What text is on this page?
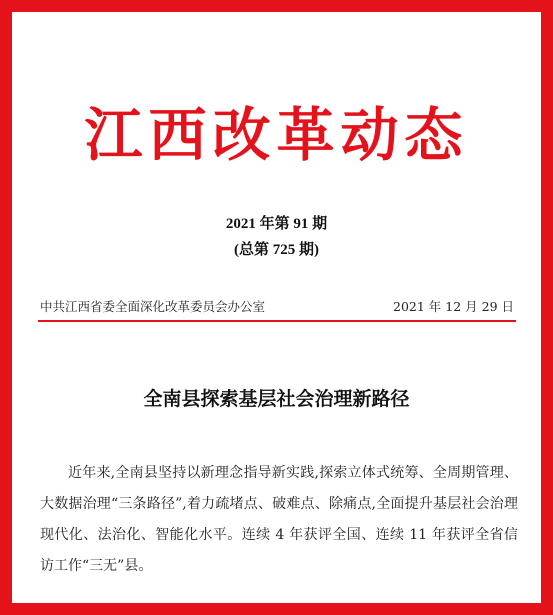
江西改革动态
2021 年第 91 期
(总第 725 期)
中共江西省委全面深化改革委员会办公室	2021 年 12 月 29 日
全南县探索基层社会治理新路径

近年来,全南县坚持以新理念指导新实践,探索立体式统筹、全周期管理、大数据治理“三条路径”,着力疏堵点、破难点、除痛点,全面提升基层社会治理现代化、法治化、智能化水平。连续 4 年获评全国、连续 11 年获评全省信访工作“三无”县。
